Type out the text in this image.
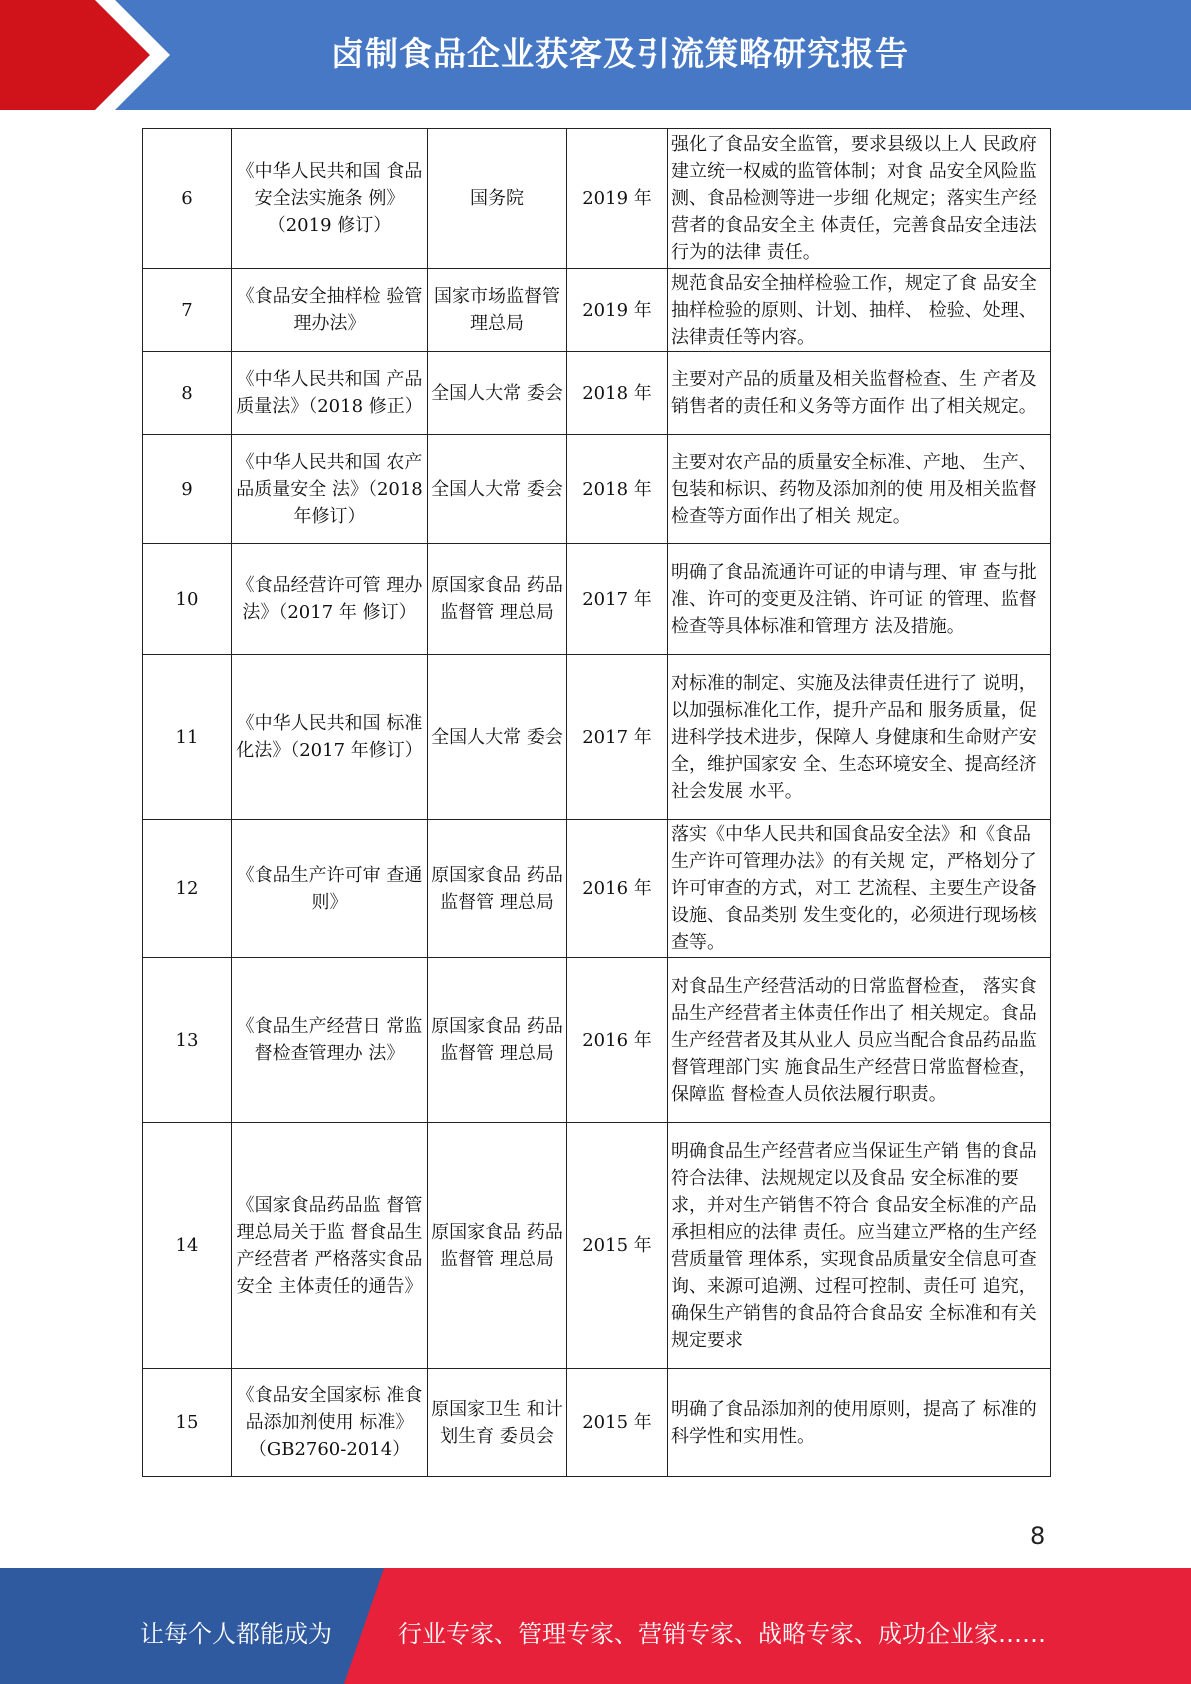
卤制食品企业获客及引流策略研究报告
6	《中华人民共和国 食品安全法实施条 例》（2019 修订）	国务院	2019 年	强化了食品安全监管，要求县级以上人 民政府建立统一权威的监管体制；对食 品安全风险监测、食品检测等进一步细 化规定；落实生产经营者的食品安全主 体责任，完善食品安全违法行为的法律 责任。
7	《食品安全抽样检 验管理办法》	国家市场监督管理总局	2019 年	规范食品安全抽样检验工作，规定了食 品安全抽样检验的原则、计划、抽样、 检验、处理、法律责任等内容。
8	《中华人民共和国 产品质量法》（2018 修正）	全国人大常 委会	2018 年	主要对产品的质量及相关监督检查、生 产者及销售者的责任和义务等方面作 出了相关规定。
9	《中华人民共和国 农产品质量安全 法》（2018 年修订）	全国人大常 委会	2018 年	主要对农产品的质量安全标准、产地、 生产、包装和标识、药物及添加剂的使 用及相关监督检查等方面作出了相关 规定。
10	《食品经营许可管 理办法》（2017 年 修订）	原国家食品 药品监督管 理总局	2017 年	明确了食品流通许可证的申请与理、审 查与批准、许可的变更及注销、许可证 的管理、监督检查等具体标准和管理方 法及措施。
11	《中华人民共和国 标准化法》（2017 年修订）	全国人大常 委会	2017 年	对标准的制定、实施及法律责任进行了 说明，以加强标准化工作，提升产品和 服务质量，促进科学技术进步，保障人 身健康和生命财产安全，维护国家安 全、生态环境安全、提高经济社会发展 水平。
12	《食品生产许可审 查通则》	原国家食品 药品监督管 理总局	2016 年	落实《中华人民共和国食品安全法》和《食品生产许可管理办法》的有关规 定，严格划分了许可审查的方式，对工 艺流程、主要生产设备设施、食品类别 发生变化的，必须进行现场核查等。
13	《食品生产经营日 常监督检查管理办 法》	原国家食品 药品监督管 理总局	2016 年	对食品生产经营活动的日常监督检查， 落实食品生产经营者主体责任作出了 相关规定。食品生产经营者及其从业人 员应当配合食品药品监督管理部门实 施食品生产经营日常监督检查，保障监 督检查人员依法履行职责。
14	《国家食品药品监 督管理总局关于监 督食品生产经营者 严格落实食品安全 主体责任的通告》	原国家食品 药品监督管 理总局	2015 年	明确食品生产经营者应当保证生产销 售的食品符合法律、法规规定以及食品 安全标准的要求，并对生产销售不符合 食品安全标准的产品承担相应的法律 责任。应当建立严格的生产经营质量管 理体系，实现食品质量安全信息可查 询、来源可追溯、过程可控制、责任可 追究，确保生产销售的食品符合食品安 全标准和有关规定要求
15	《食品安全国家标 准食品添加剂使用 标准》（GB2760-2014）	原国家卫生 和计划生育 委员会	2015 年	明确了食品添加剂的使用原则，提高了 标准的科学性和实用性。
8
让每个人都能成为	行业专家、管理专家、营销专家、战略专家、成功企业家……
